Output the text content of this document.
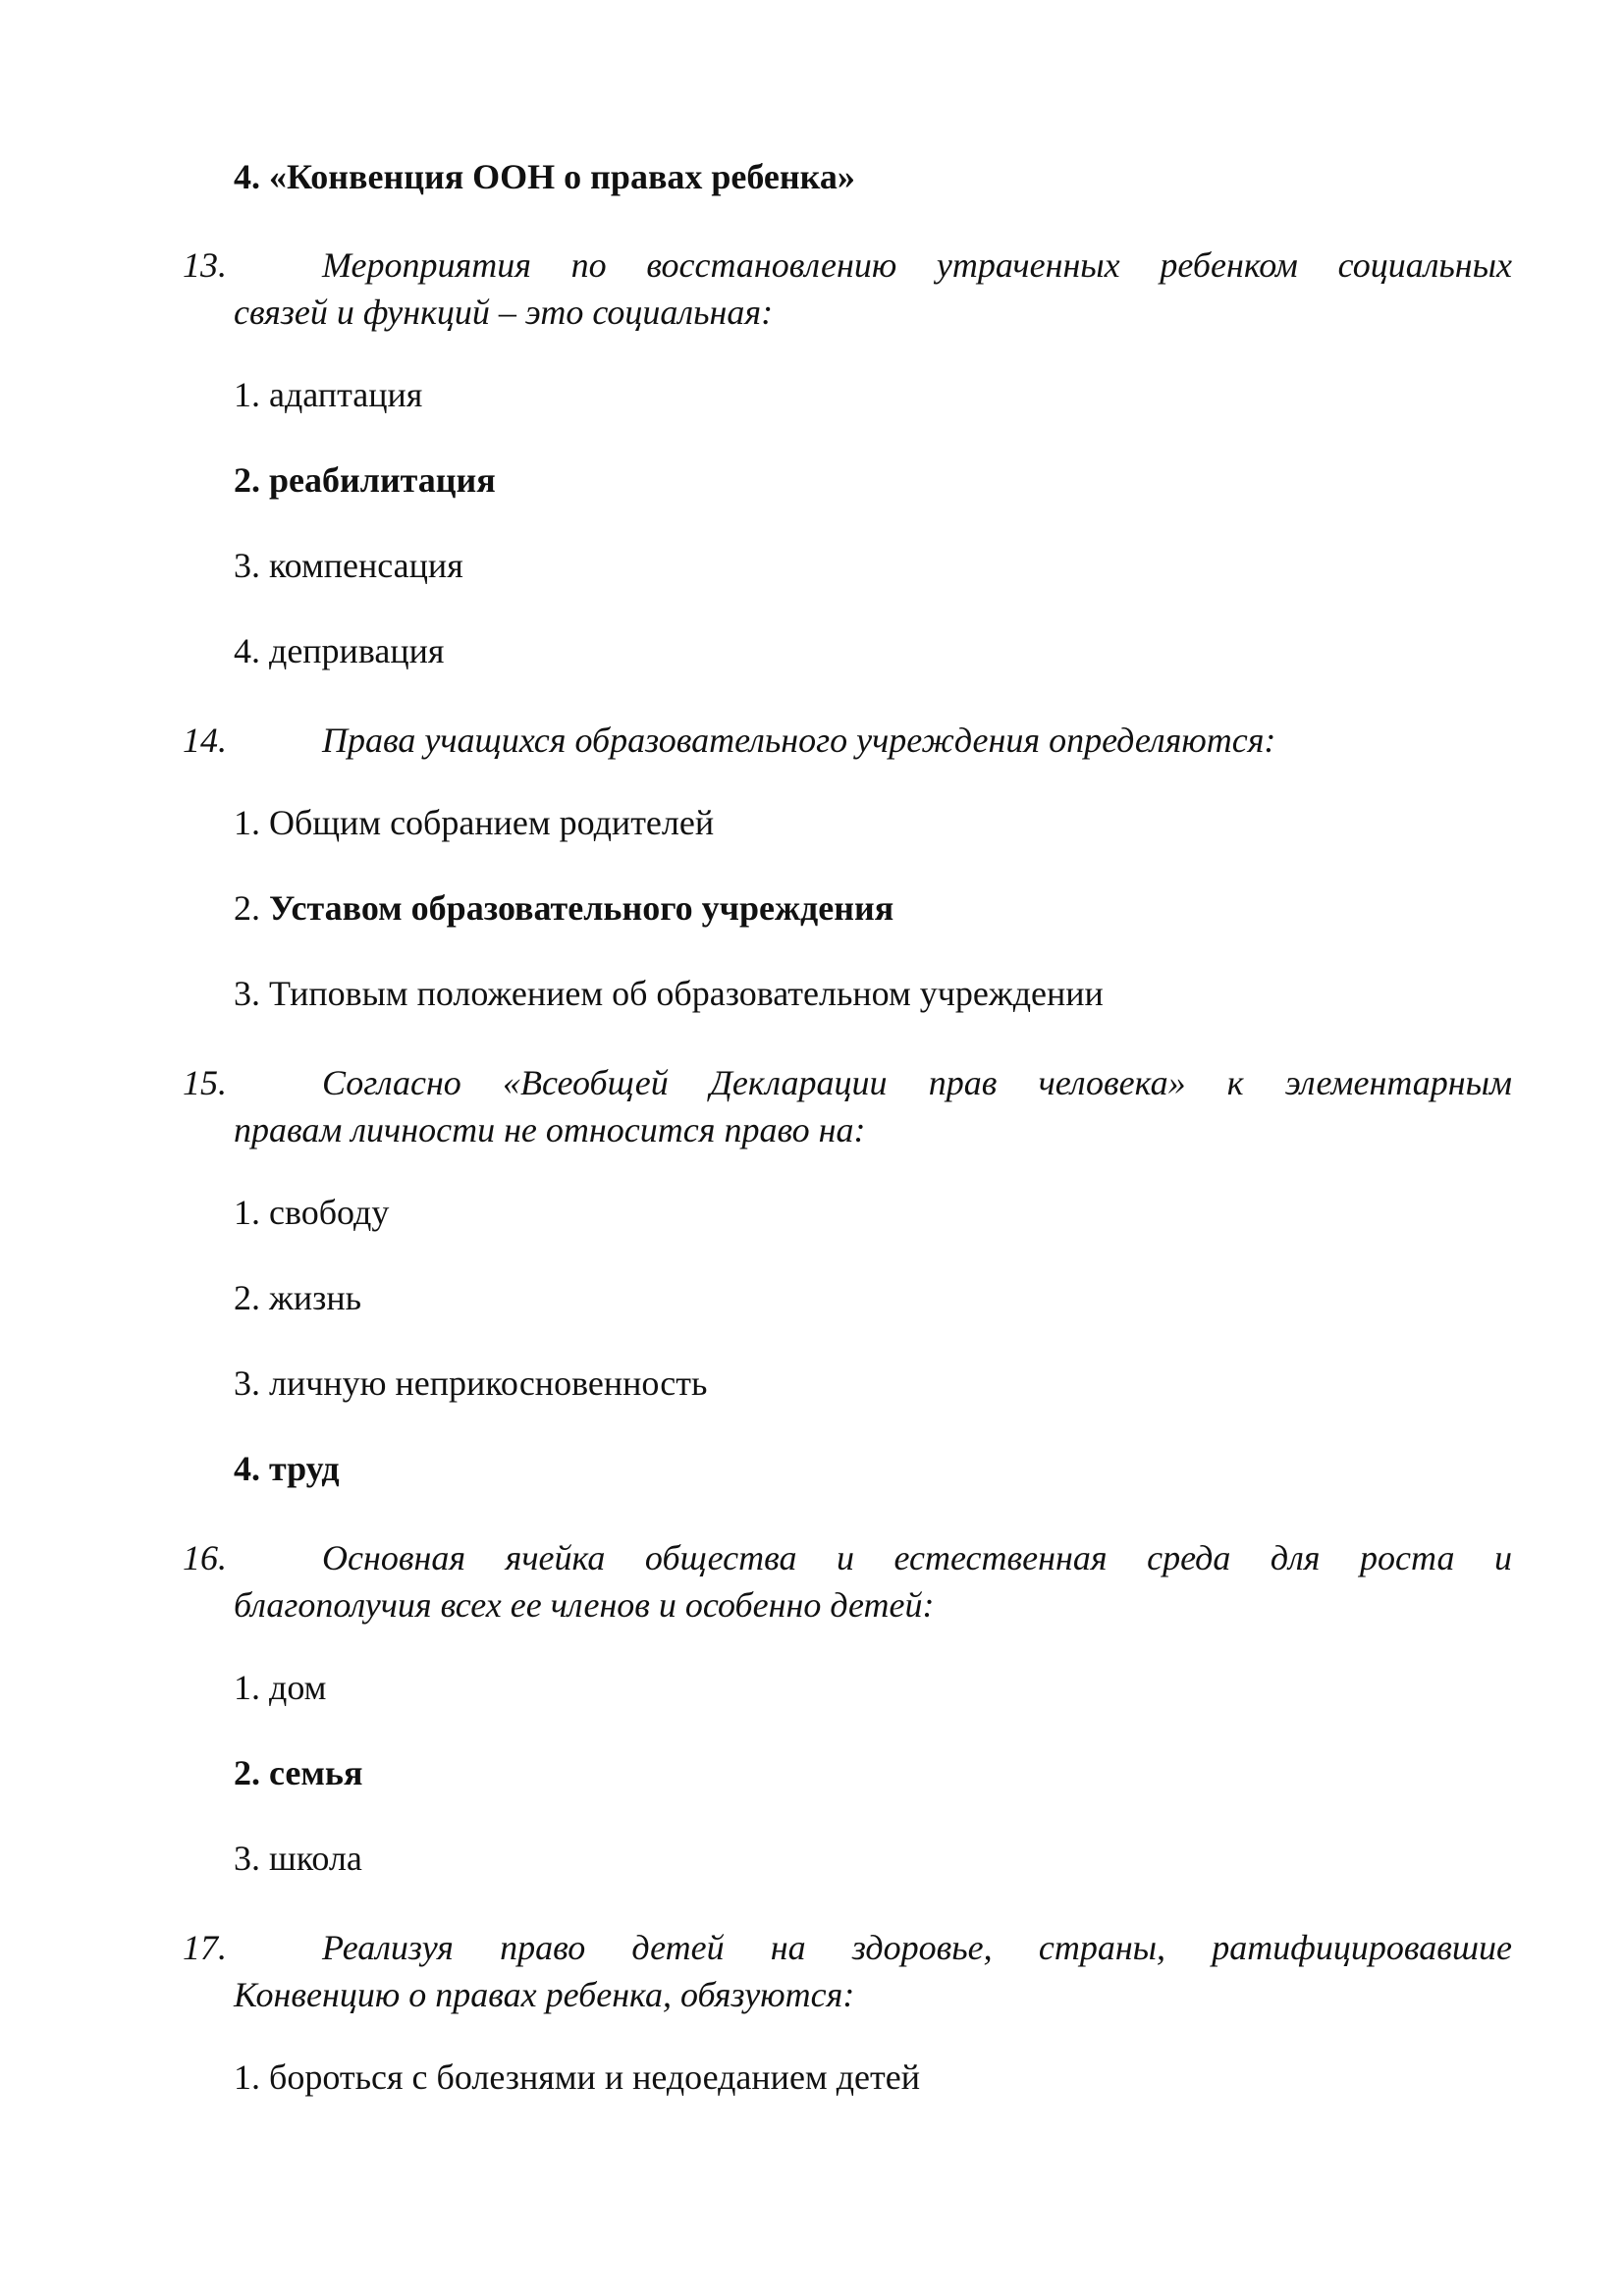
4. «Конвенция ООН о правах ребенка»
13.	Мероприятия по восстановлению утраченных ребенком социальных
связей и функций – это социальная:
1. адаптация
2. реабилитация
3. компенсация
4. депривация
14.	Права учащихся образовательного учреждения определяются:
1. Общим собранием родителей
2. Уставом образовательного учреждения
3. Типовым положением об образовательном учреждении
15.	Согласно «Всеобщей Декларации прав человека» к элементарным
правам личности не относится право на:
1. свободу
2. жизнь
3. личную неприкосновенность
4. труд
16.	Основная ячейка общества и естественная среда для роста и
благополучия всех ее членов и особенно детей:
1. дом
2. семья
3. школа
17.	Реализуя право детей на здоровье, страны, ратифицировавшие
Конвенцию о правах ребенка, обязуются:
1. бороться с болезнями и недоеданием детей
